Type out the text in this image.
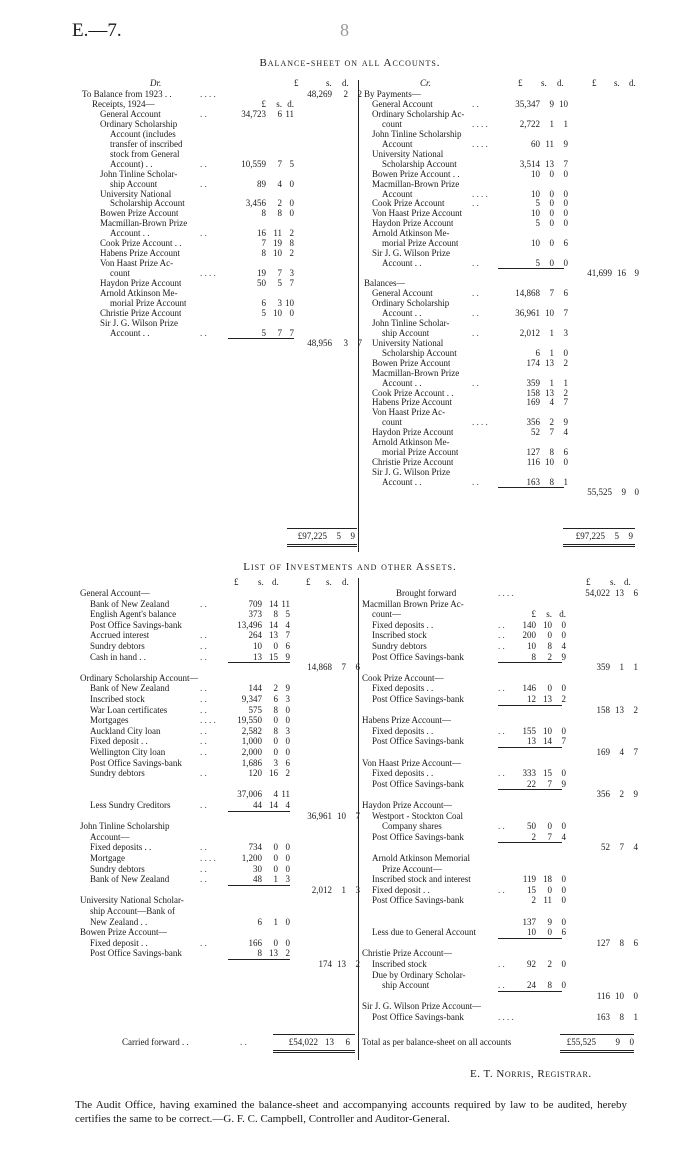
E.—7.	8
Balance-sheet on all Accounts.
List of Investments and other Assets.
Dr.	£	s. d.
To Balance from 1923 . .	. . . .	48,269	2	2
Receipts, 1924—	£	s. d.
General Account	. .	34,723	6 11
Ordinary Scholarship
Account (includes
transfer of inscribed
stock from General
Account) . .	. .	10,559	7 5
John Tinline Scholar-
ship Account	. .	89	4 0
University National
Scholarship Account	3,456	2 0
Bowen Prize Account	8	8 0
Macmillan-Brown Prize
Account . .	. .	16 11 2
Cook Prize Account . .	7 19 8
Habens Prize Account	8 10 2
Von Haast Prize Ac-
count	. . . .	19	7 3
Haydon Prize Account	50	5 7
Arnold Atkinson Me-
morial Prize Account	6	3 10
Christie Prize Account	5 10 0
Sir J. G. Wilson Prize
Account . .	. .	5	7 7
48,956	3	7
£97,225	5	9
Cr.	£ s. d.	£ s. d.
By Payments—
General Account	. .	35,347	9 10
Ordinary Scholarship Ac-
count	. . . .	2,722	1	1
John Tinline Scholarship
Account	. . . .	60 11	9
University National
Scholarship Account	3,514 13	7
Bowen Prize Account . .	10	0	0
Macmillan-Brown Prize
Account	. . . .	10	0	0
Cook Prize Account	. .	5	0	0
Von Haast Prize Account	10	0	0
Haydon Prize Account	5	0	0
Arnold Atkinson Me-
morial Prize Account	10	0	6
Sir J. G. Wilson Prize
Account . .	. .	5	0	0
41,699 16 9
Balances—
General Account	. .	14,868	7	6
Ordinary Scholarship
Account . .	. .	36,961 10	7
John Tinline Scholar-
ship Account	. .	2,012	1	3
University National
Scholarship Account	6	1	0
Bowen Prize Account	174 13	2
Macmillan-Brown Prize
Account . .	. .	359	1	1
Cook Prize Account . .	158 13	2
Habens Prize Account	169	4	7
Von Haast Prize Ac-
count	. . . .	356	2	9
Haydon Prize Account	52	7	4
Arnold Atkinson Me-
morial Prize Account	127	8	6
Christie Prize Account	116 10	0
Sir J. G. Wilson Prize
Account . .	. .	163	8	1
55,525	9 0
£97,225	5	9
£ s. d.	£ s. d.
General Account—
Bank of New Zealand	. .	709 14 11
English Agent's balance	373	8 5
Post Office Savings-bank	13,496 14 4
Accrued interest	. .	264 13 7
Sundry debtors	. .	10	0 6
Cash in hand . .	. .	13 15 9
14,868	7	6
Ordinary Scholarship Account—
Bank of New Zealand	. .	144	2 9
Inscribed stock	. .	9,347	6 3
War Loan certificates	. .	575	8 0
Mortgages	. . . .	19,550	0 0
Auckland City loan	. .	2,582	8 3
Fixed deposit . .	. .	1,000	0 0
Wellington City loan	. .	2,000	0 0
Post Office Savings-bank	1,686	3 6
Sundry debtors	. .	120 16 2
37,006	4 11
Less Sundry Creditors	. .	44 14 4
36,961 10	7
John Tinline Scholarship
Account—
Fixed deposits . .	. .	734	0 0
Mortgage	. . . .	1,200	0 0
Sundry debtors	. .	30	0 0
Bank of New Zealand	. .	48	1 3
2,012	1	3
University National Scholar-
ship Account—Bank of
New Zealand . .	6	1 0
Bowen Prize Account—
Fixed deposit . .	. .	166	0 0
Post Office Savings-bank	8 13 2
174 13	2
Carried forward . .	. .	£54,022 13	6
£ s. d.
Brought forward	. . . .	54,022 13	6
Macmillan Brown Prize Ac-
count—	£	s. d.
Fixed deposits . .	. .	140 10	0
Inscribed stock	. .	200	0	0
Sundry debtors	. .	10	8	4
Post Office Savings-bank	8	2	9
359	1	1
Cook Prize Account—
Fixed deposits . .	. .	146	0	0
Post Office Savings-bank	12 13	2
158 13	2
Habens Prize Account—
Fixed deposits . .	. .	155 10	0
Post Office Savings-bank	13 14	7
169	4	7
Von Haast Prize Account—
Fixed deposits . .	. .	333 15	0
Post Office Savings-bank	22	7	9
356	2	9
Haydon Prize Account—
Westport - Stockton Coal
Company shares	. .	50	0	0
Post Office Savings-bank	2	7	4
52	7	4
Arnold Atkinson Memorial
Prize Account—
Inscribed stock and interest	119 18	0
Fixed deposit . .	. .	15	0	0
Post Office Savings-bank	2 11	0
137	9	0
Less due to General Account	10	0	6
127	8	6
Christie Prize Account—
Inscribed stock	. .	92	2	0
Due by Ordinary Scholar-
ship Account	. .	24	8	0
116 10	0
Sir J. G. Wilson Prize Account—
Post Office Savings-bank	. . . .	163	8	1
Total as per balance-sheet on all accounts	£55,525	9	0
E. T. Norris, Registrar.
The Audit Office, having examined the balance-sheet and accompanying accounts required by law to be audited, hereby certifies the same to be correct.—G. F. C. Campbell, Controller and Auditor-General.
